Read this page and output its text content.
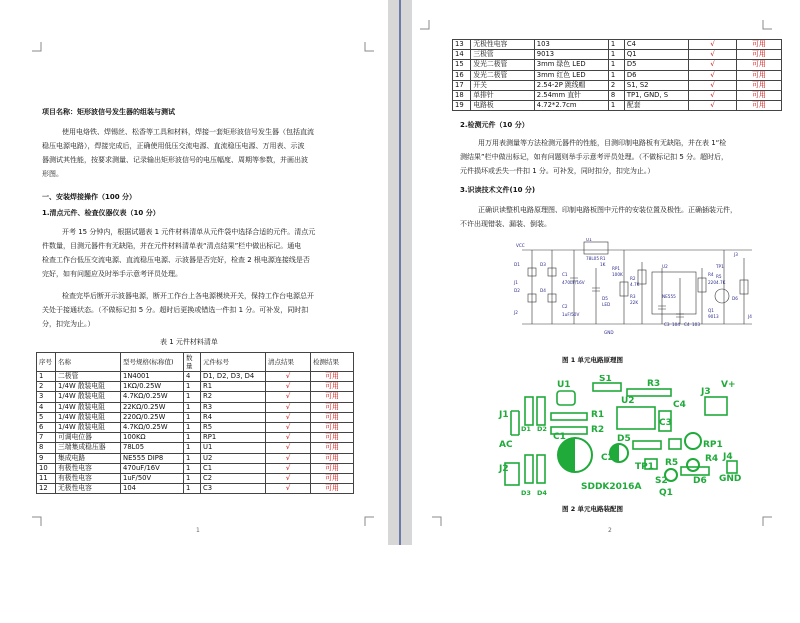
项目名称：矩形波信号发生器的组装与测试
使用电烙铁、焊锡丝、松香等工具和材料，焊接一套矩形波信号发生器（包括直流
稳压电源电路），焊接完成后，正确使用低压交流电源、直流稳压电源、万用表、示波
器测试其性能，按要求测量、记录输出矩形波信号的电压幅度、周期等参数，并画出波
形图。
一、安装焊接操作（100 分）
1.清点元件、检查仪器仪表（10 分）
开考 15 分钟内，根据试题表 1 元件材料清单从元件袋中选择合适的元件。清点元
件数量，目测元器件有无缺陷，并在元件材料清单表“清点结果”栏中做出标记。通电
检查工作台低压交流电源、直流稳压电源、示波器是否完好，检查 2 根电源连接线是否
完好，如有问题应及时举手示意考评员处理。
检查完毕后断开示波器电源，断开工作台上各电源模块开关，保持工作台电源总开
关处于接通状态。（不做标记扣 5 分。超时后更换或错选一件扣 1 分。可补发，同时扣
分，扣完为止。）
表 1 元件材料清单
序号	名称	型号规格(标称值)	数量	元件标号	清点结果	检测结果
1	二极管	1N4001	4	D1, D2, D3, D4	√	可用
2	1/4W 散装电阻	1KΩ/0.25W	1	R1	√	可用
3	1/4W 散装电阻	4.7KΩ/0.25W	1	R2	√	可用
4	1/4W 散装电阻	22KΩ/0.25W	1	R3	√	可用
5	1/4W 散装电阻	220Ω/0.25W	1	R4	√	可用
6	1/4W 散装电阻	4.7KΩ/0.25W	1	R5	√	可用
7	可调电位器	100KΩ	1	RP1	√	可用
8	三端集成稳压器	78L05	1	U1	√	可用
9	集成电路	NE555 DIP8	1	U2	√	可用
10	有极性电容	470uF/16V	1	C1	√	可用
11	有极性电容	1uF/50V	1	C2	√	可用
12	无极性电容	104	1	C3	√	可用
1
13	无极性电容	103	1	C4	√	可用
14	三极管	9013	1	Q1	√	可用
15	发光二极管	3mm 绿色 LED	1	D5	√	可用
16	发光二极管	3mm 红色 LED	1	D6	√	可用
17	开关	2.54-2P 跳线帽	2	S1, S2	√	可用
18	单排针	2.54mm 直针	8	TP1, GND, S	√	可用
19	电路板	4.72*2.7cm	1	配套	√	可用
2.检测元件（10 分）
用万用表测量等方法检测元器件的性能，目测印制电路板有无缺陷，并在表 1“检
测结果”栏中做出标记，如有问题则举手示意考评员处理。（不做标记扣 5 分。超时后，
元件损坏或丢失一件扣 1 分。可补发，同时扣分，扣完为止。）
3.识读技术文件(10 分)
正确识读整机电路原理图、印制电路板图中元件的安装位置及极性。正确插装元件，
不许出现错装、漏装、倒装。
VCC
D1
D2
D3
D4
U1
78L05
J1
C1
470uF/16V
C2
1uF/50V
R1
1K
D5
LED
GND
RP1
100K
R2
4.7K
R3
22K
U2
NE555
C3 104 C4 103
R4
220
R5
4.7K
Q1
9013
D6
J2
J3
J4
TP1
图 1 单元电路原理图
U1
S1	R3
J3
V+
R1
U2	C4
J1
R2
C3
RP1
AC
C1	D5
R4
J2
C2
TP1 R5
J4
S2	D6 GND
Q1
SDDK2016A
D1 D2
D3 D4
图 2 单元电路装配图
2
